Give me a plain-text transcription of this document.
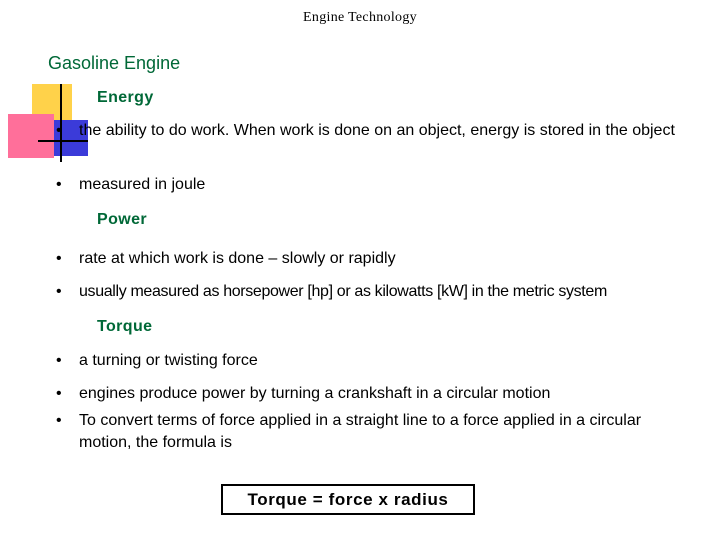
Engine Technology
Gasoline Engine
Energy
•	the ability to do work. When work is done on an object, energy is stored in the object
•	measured in joule
Power
•	rate at which work is done – slowly or rapidly
•	usually measured as horsepower [hp] or as kilowatts [kW] in the metric system
Torque
•	a turning or twisting force
•	engines produce power by turning a crankshaft in a circular motion
•	To convert terms of force applied in a straight line to a force applied in a circular motion, the formula is
Torque = force x radius
